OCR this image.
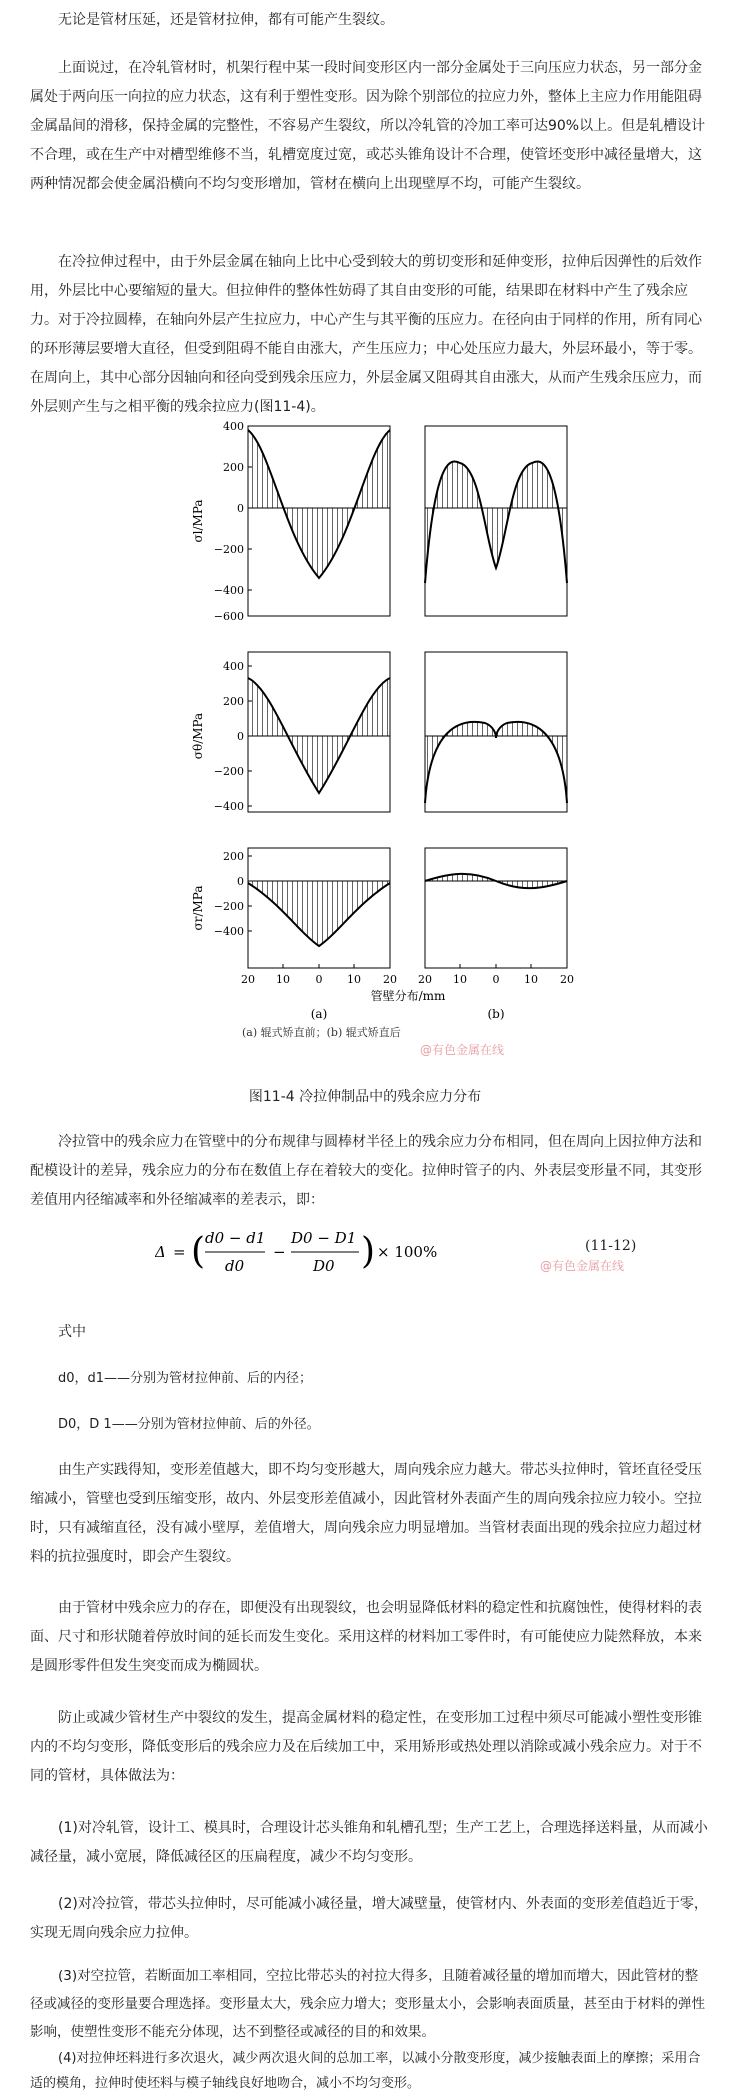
无论是管材压延，还是管材拉伸，都有可能产生裂纹。

上面说过，在冷轧管材时，机架行程中某一段时间变形区内一部分金属处于三向压应力状态，另一部分金属处于两向压一向拉的应力状态，这有利于塑性变形。因为除个别部位的拉应力外，整体上主应力作用能阻碍金属晶间的滑移，保持金属的完整性，不容易产生裂纹，所以冷轧管的冷加工率可达90%以上。但是轧槽设计不合理，或在生产中对槽型维修不当，轧槽宽度过宽，或芯头锥角设计不合理，使管坯变形中减径量增大，这两种情况都会使金属沿横向不均匀变形增加，管材在横向上出现壁厚不均，可能产生裂纹。

在冷拉伸过程中，由于外层金属在轴向上比中心受到较大的剪切变形和延伸变形，拉伸后因弹性的后效作用，外层比中心要缩短的量大。但拉伸件的整体性妨碍了其自由变形的可能，结果即在材料中产生了残余应力。对于冷拉圆棒，在轴向外层产生拉应力，中心产生与其平衡的压应力。在径向由于同样的作用，所有同心的环形薄层要增大直径，但受到阻碍不能自由涨大，产生压应力；中心处压应力最大，外层环最小，等于零。在周向上，其中心部分因轴向和径向受到残余压应力，外层金属又阻碍其自由涨大，从而产生残余压应力，而外层则产生与之相平衡的残余拉应力(图11-4)。

400
200
0
−200
−400
−600
400
200
0
−200
−400
200
0
−200
−400
20 10 0 10 20 20 10 0 10 20
管壁分布/mm
(a)	(b)
σl/MPa
σθ/MPa
σr/MPa
(a) 辊式矫直前；(b) 辊式矫直后
@有色金属在线
图11-4 冷拉伸制品中的残余应力分布

冷拉管中的残余应力在管壁中的分布规律与圆棒材半径上的残余应力分布相同，但在周向上因拉伸方法和配模设计的差异，残余应力的分布在数值上存在着较大的变化。拉伸时管子的内、外表层变形量不同，其变形差值用内径缩减率和外径缩减率的差表示，即：

Δ = ( d0 − d1
d0
−
D0 − D1
D0 ) × 100%	(11-12)
@有色金属在线

式中

d0，d1——分别为管材拉伸前、后的内径；

D0，D 1——分别为管材拉伸前、后的外径。

由生产实践得知，变形差值越大，即不均匀变形越大，周向残余应力越大。带芯头拉伸时，管坯直径受压缩减小，管壁也受到压缩变形，故内、外层变形差值减小，因此管材外表面产生的周向残余拉应力较小。空拉时，只有减缩直径，没有减小壁厚，差值增大，周向残余应力明显增加。当管材表面出现的残余拉应力超过材料的抗拉强度时，即会产生裂纹。

由于管材中残余应力的存在，即便没有出现裂纹，也会明显降低材料的稳定性和抗腐蚀性，使得材料的表面、尺寸和形状随着停放时间的延长而发生变化。采用这样的材料加工零件时，有可能使应力陡然释放，本来是圆形零件但发生突变而成为椭圆状。

防止或减少管材生产中裂纹的发生，提高金属材料的稳定性，在变形加工过程中须尽可能减小塑性变形锥内的不均匀变形，降低变形后的残余应力及在后续加工中，采用矫形或热处理以消除或减小残余应力。对于不同的管材，具体做法为：

(1)对冷轧管，设计工、模具时，合理设计芯头锥角和轧槽孔型；生产工艺上，合理选择送料量，从而减小减径量，减小宽展，降低减径区的压扁程度，减少不均匀变形。

(2)对冷拉管，带芯头拉伸时，尽可能减小减径量，增大减壁量，使管材内、外表面的变形差值趋近于零，实现无周向残余应力拉伸。

(3)对空拉管，若断面加工率相同，空拉比带芯头的衬拉大得多，且随着减径量的增加而增大，因此管材的整径或减径的变形量要合理选择。变形量太大，残余应力增大；变形量太小，会影响表面质量，甚至由于材料的弹性影响，使塑性变形不能充分体现，达不到整径或减径的目的和效果。

(4)对拉伸坯料进行多次退火，减少两次退火间的总加工率，以减小分散变形度，减少接触表面上的摩擦；采用合适的模角，拉伸时使坯料与模子轴线良好地吻合，减小不均匀变形。
